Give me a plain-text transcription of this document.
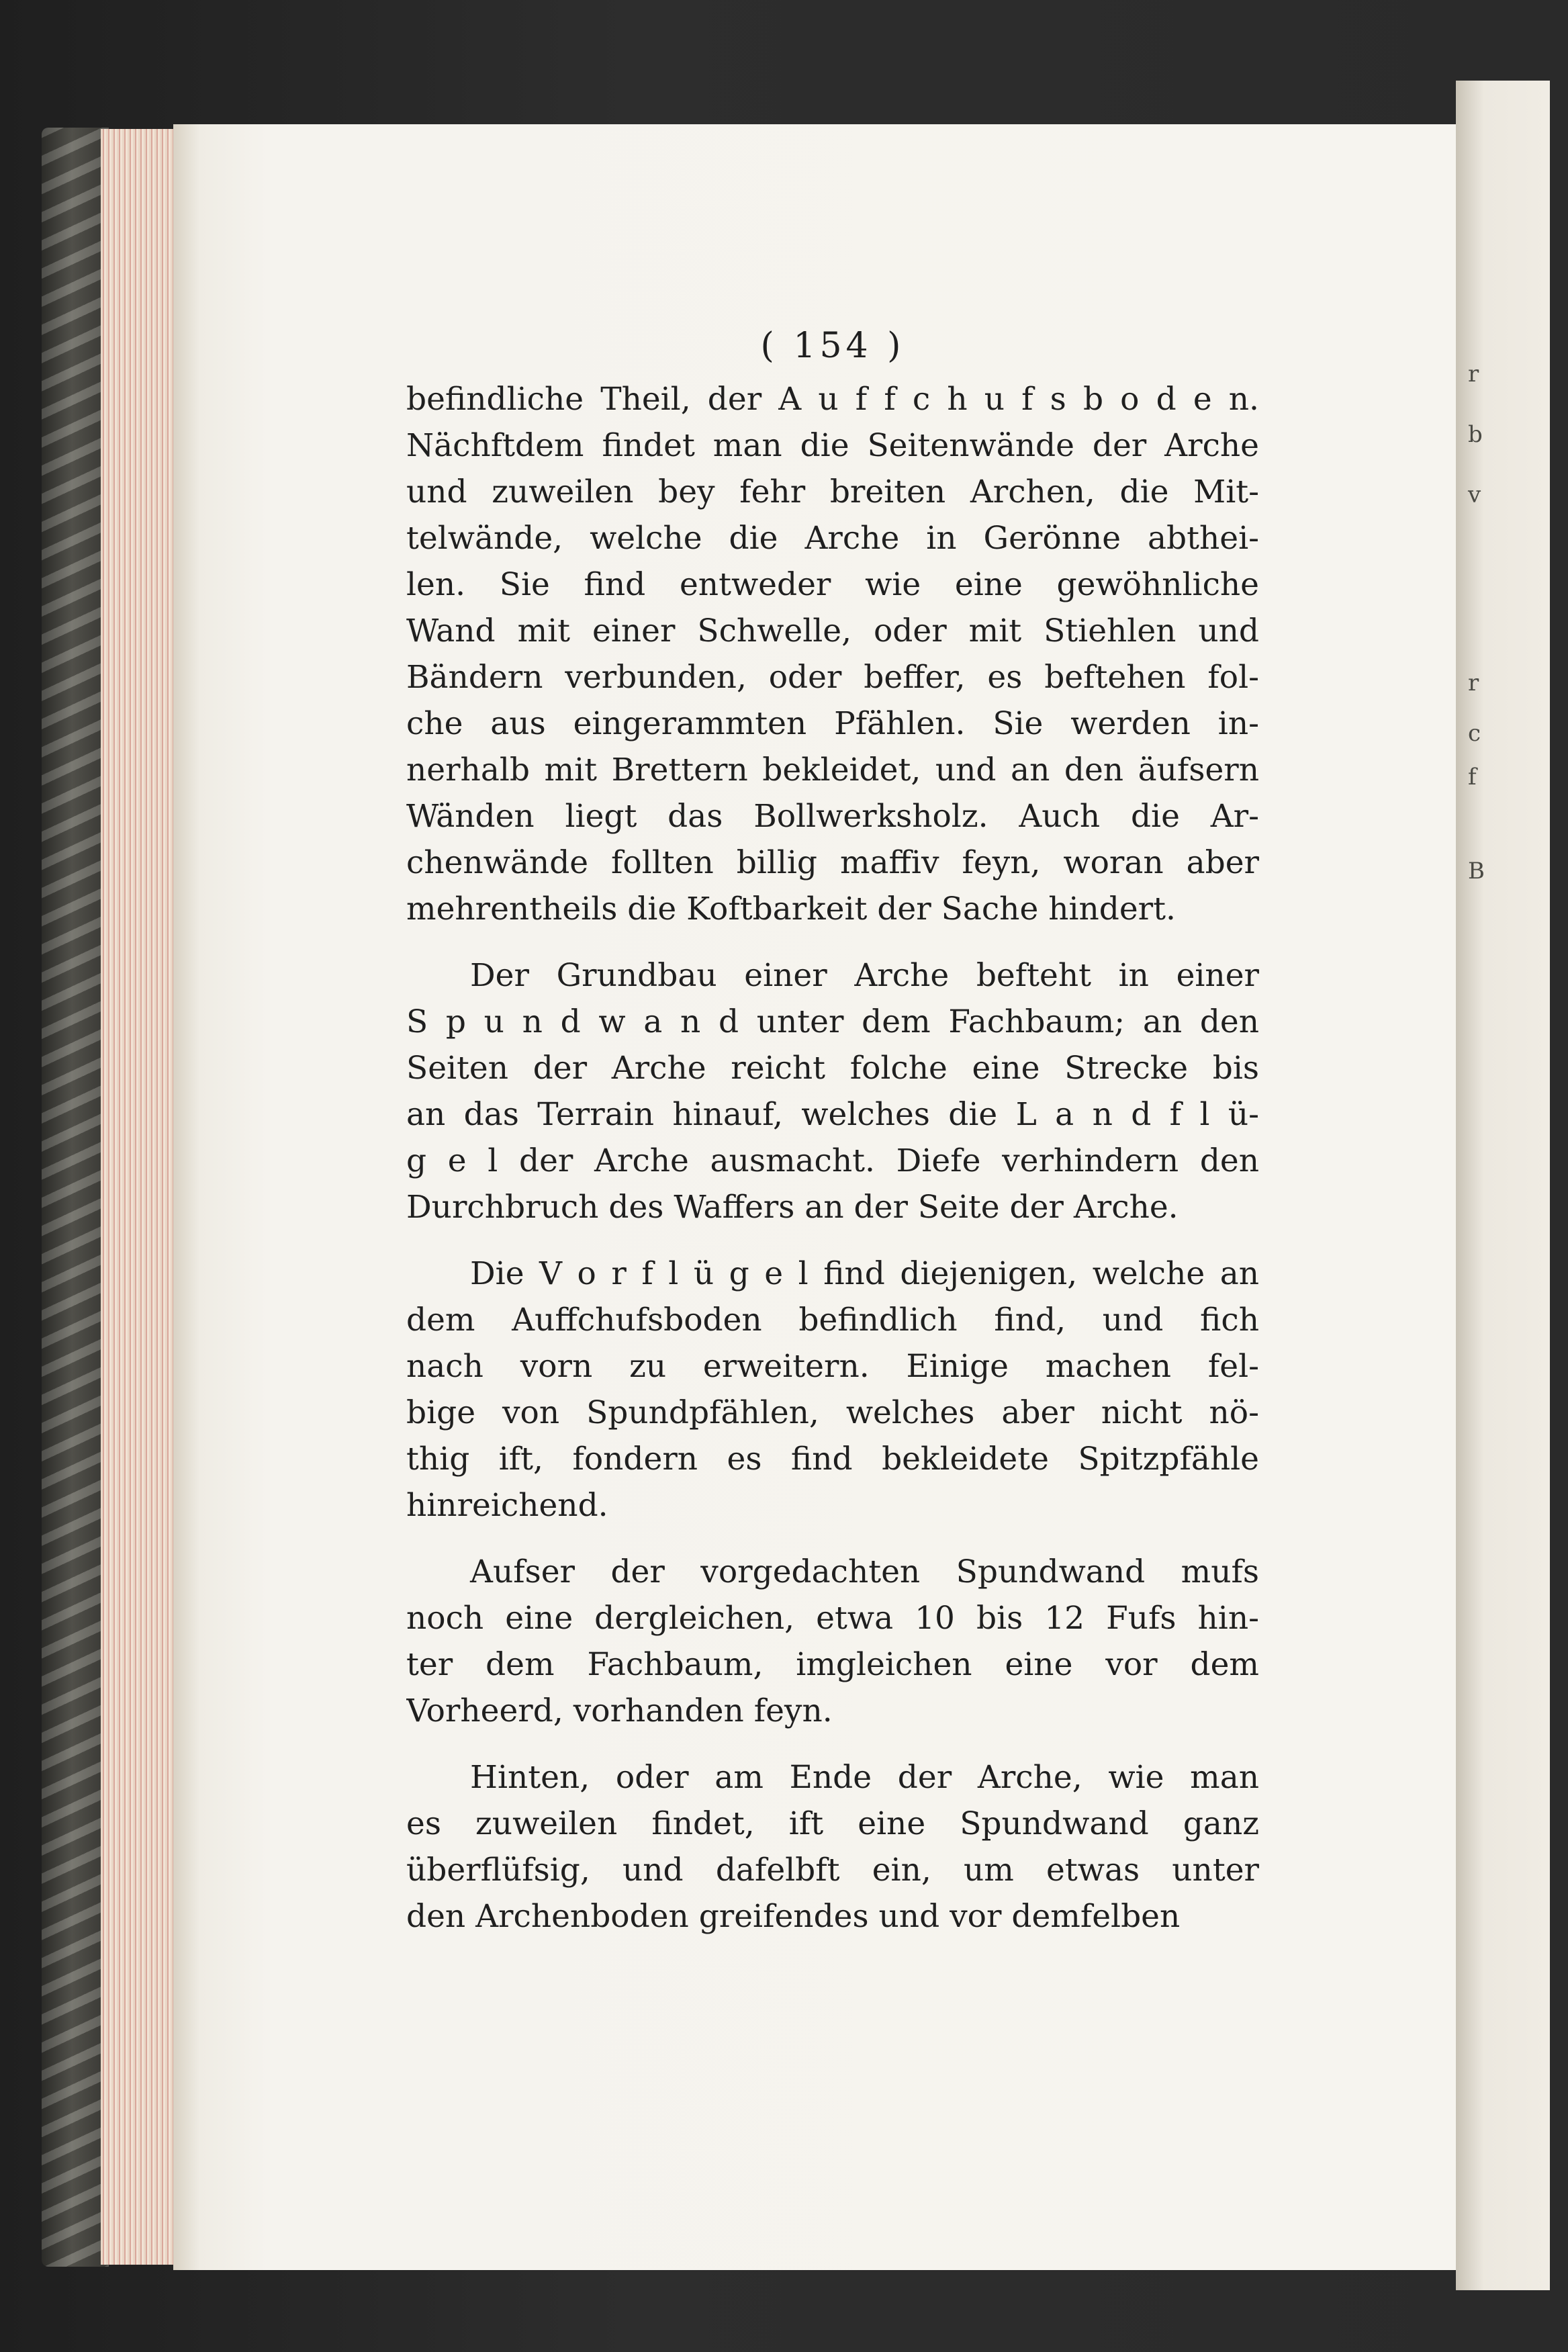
r
b
v
r
c
f
B
( 154 )
befindliche Theil, der A u f f c h u f s b o d e n.
Nächftdem findet man die Seitenwände der Arche
und zuweilen bey fehr breiten Archen, die Mit-
telwände, welche die Arche in Gerönne abthei-
len. Sie find entweder wie eine gewöhnliche
Wand mit einer Schwelle, oder mit Stiehlen und
Bändern verbunden, oder beffer, es beftehen fol-
che aus eingerammten Pfählen. Sie werden in-
nerhalb mit Brettern bekleidet, und an den äufsern
Wänden liegt das Bollwerksholz. Auch die Ar-
chenwände follten billig maffiv feyn, woran aber
mehrentheils die Koftbarkeit der Sache hindert.
Der Grundbau einer Arche befteht in einer
S p u n d w a n d unter dem Fachbaum; an den
Seiten der Arche reicht folche eine Strecke bis
an das Terrain hinauf, welches die L a n d f l ü-
g e l der Arche ausmacht. Diefe verhindern den
Durchbruch des Waffers an der Seite der Arche.
Die V o r f l ü g e l find diejenigen, welche an
dem Auffchufsboden befindlich find, und fich
nach vorn zu erweitern. Einige machen fel-
bige von Spundpfählen, welches aber nicht nö-
thig ift, fondern es find bekleidete Spitzpfähle
hinreichend.
Aufser der vorgedachten Spundwand mufs
noch eine dergleichen, etwa 10 bis 12 Fufs hin-
ter dem Fachbaum, imgleichen eine vor dem
Vorheerd, vorhanden feyn.
Hinten, oder am Ende der Arche, wie man
es zuweilen findet, ift eine Spundwand ganz
überflüfsig, und dafelbft ein, um etwas unter
den Archenboden greifendes und vor demfelben
